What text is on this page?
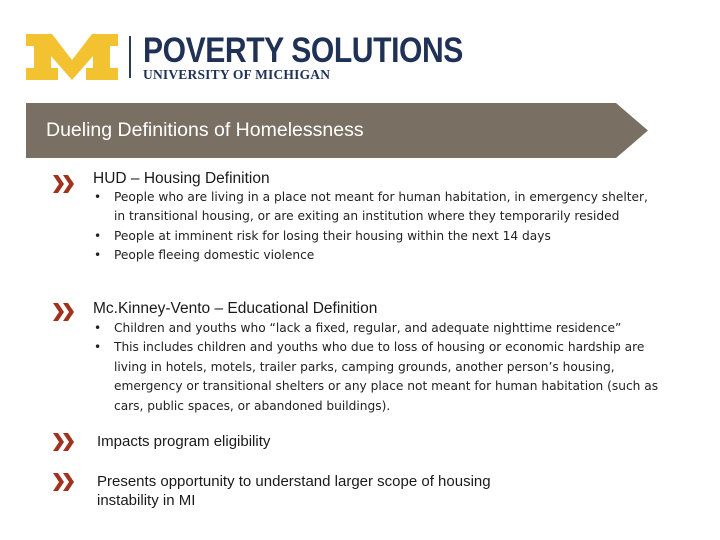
POVERTY SOLUTIONS
UNIVERSITY OF MICHIGAN
Dueling Definitions of Homelessness
HUD – Housing Definition
• People who are living in a place not meant for human habitation, in emergency shelter, in transitional housing, or are exiting an institution where they temporarily resided
• People at imminent risk for losing their housing within the next 14 days
• People fleeing domestic violence
Mc.Kinney-Vento – Educational Definition
• Children and youths who “lack a fixed, regular, and adequate nighttime residence”
• This includes children and youths who due to loss of housing or economic hardship are living in hotels, motels, trailer parks, camping grounds, another person’s housing, emergency or transitional shelters or any place not meant for human habitation (such as cars, public spaces, or abandoned buildings).
Impacts program eligibility
Presents opportunity to understand larger scope of housing instability in MI
